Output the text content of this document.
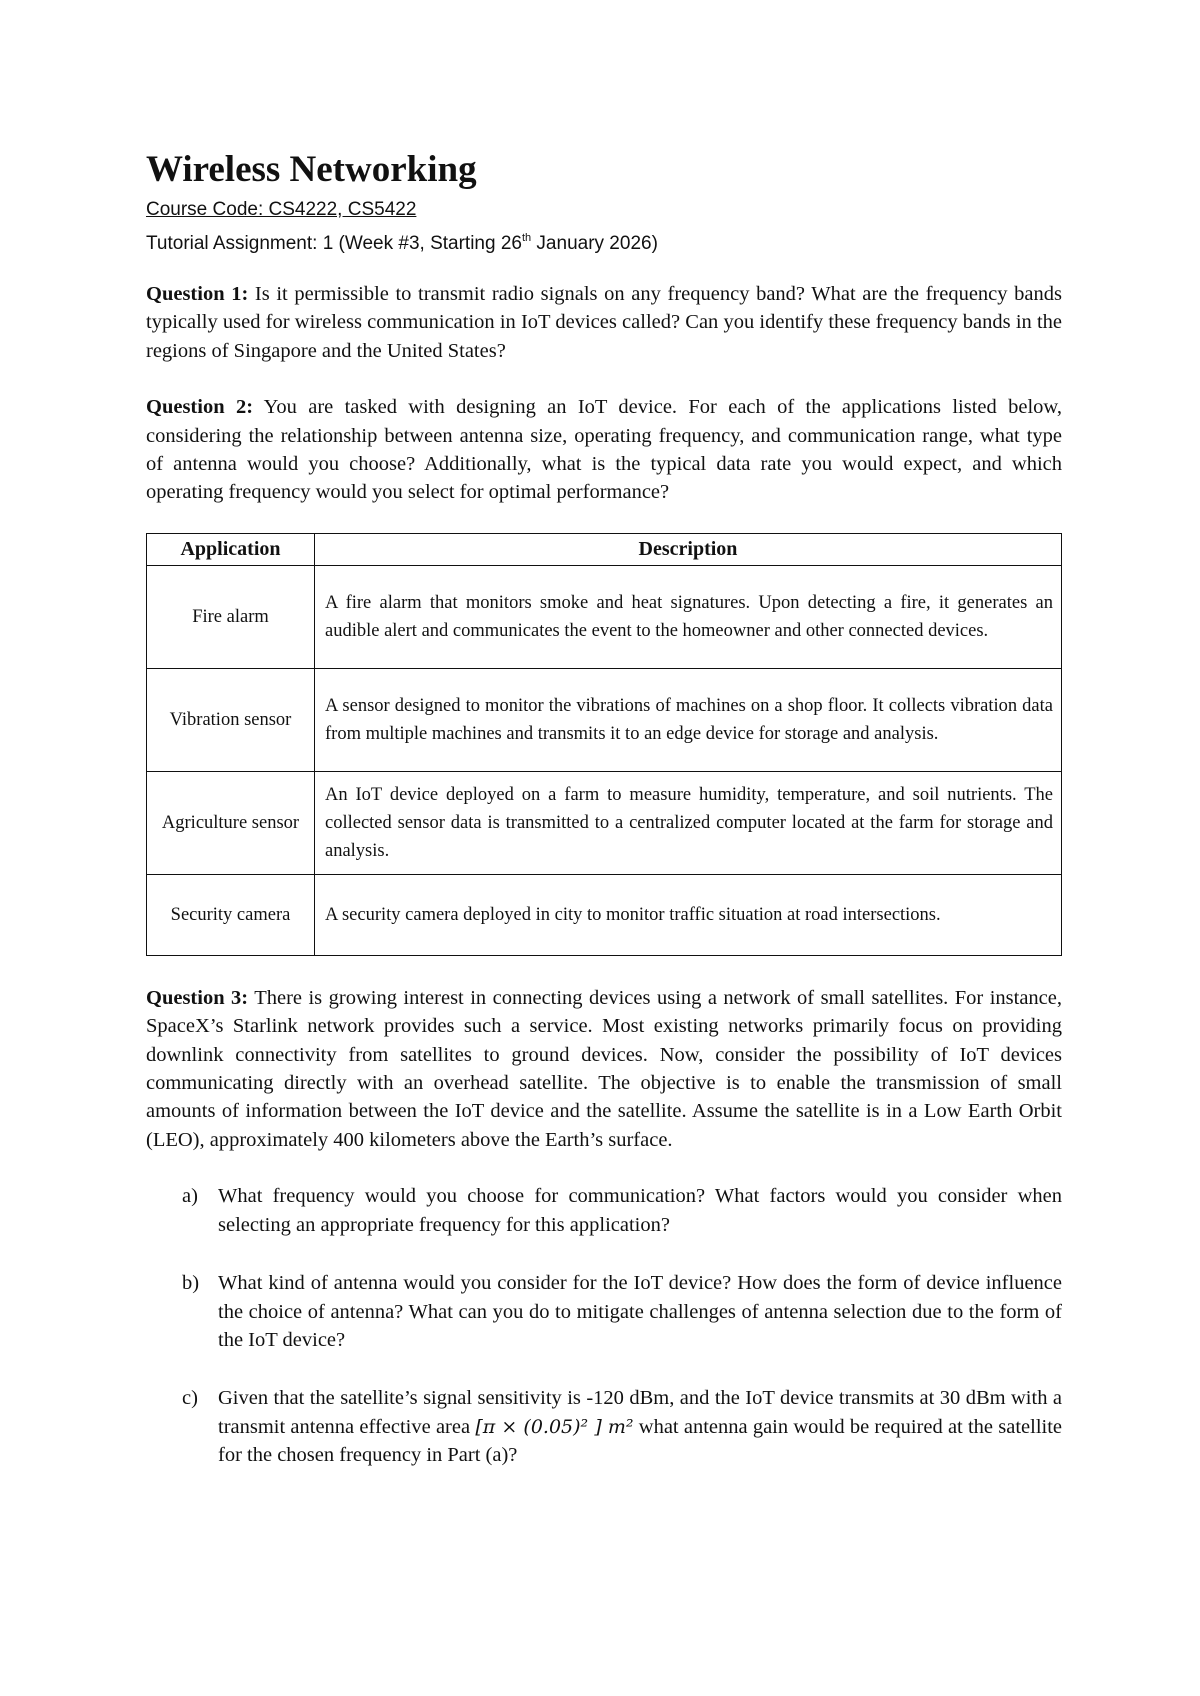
Wireless Networking
Course Code: CS4222, CS5422
Tutorial Assignment: 1 (Week #3, Starting 26th January 2026)

Question 1: Is it permissible to transmit radio signals on any frequency band? What are the frequency bands typically used for wireless communication in IoT devices called? Can you identify these frequency bands in the regions of Singapore and the United States?

Question 2: You are tasked with designing an IoT device. For each of the applications listed below, considering the relationship between antenna size, operating frequency, and communication range, what type of antenna would you choose? Additionally, what is the typical data rate you would expect, and which operating frequency would you select for optimal performance?

Application	Description
Fire alarm	A fire alarm that monitors smoke and heat signatures. Upon detecting a fire, it generates an audible alert and communicates the event to the homeowner and other connected devices.
Vibration sensor	A sensor designed to monitor the vibrations of machines on a shop floor. It collects vibration data from multiple machines and transmits it to an edge device for storage and analysis.
Agriculture sensor	An IoT device deployed on a farm to measure humidity, temperature, and soil nutrients. The collected sensor data is transmitted to a centralized computer located at the farm for storage and analysis.
Security camera	A security camera deployed in city to monitor traffic situation at road intersections.

Question 3: There is growing interest in connecting devices using a network of small satellites. For instance, SpaceX’s Starlink network provides such a service. Most existing networks primarily focus on providing downlink connectivity from satellites to ground devices. Now, consider the possibility of IoT devices communicating directly with an overhead satellite. The objective is to enable the transmission of small amounts of information between the IoT device and the satellite. Assume the satellite is in a Low Earth Orbit (LEO), approximately 400 kilometers above the Earth’s surface.

a) What frequency would you choose for communication? What factors would you consider when selecting an appropriate frequency for this application?
b) What kind of antenna would you consider for the IoT device? How does the form of device influence the choice of antenna? What can you do to mitigate challenges of antenna selection due to the form of the IoT device?
c) Given that the satellite’s signal sensitivity is -120 dBm, and the IoT device transmits at 30 dBm with a transmit antenna effective area [π × (0.05)² ] m² what antenna gain would be required at the satellite for the chosen frequency in Part (a)?
